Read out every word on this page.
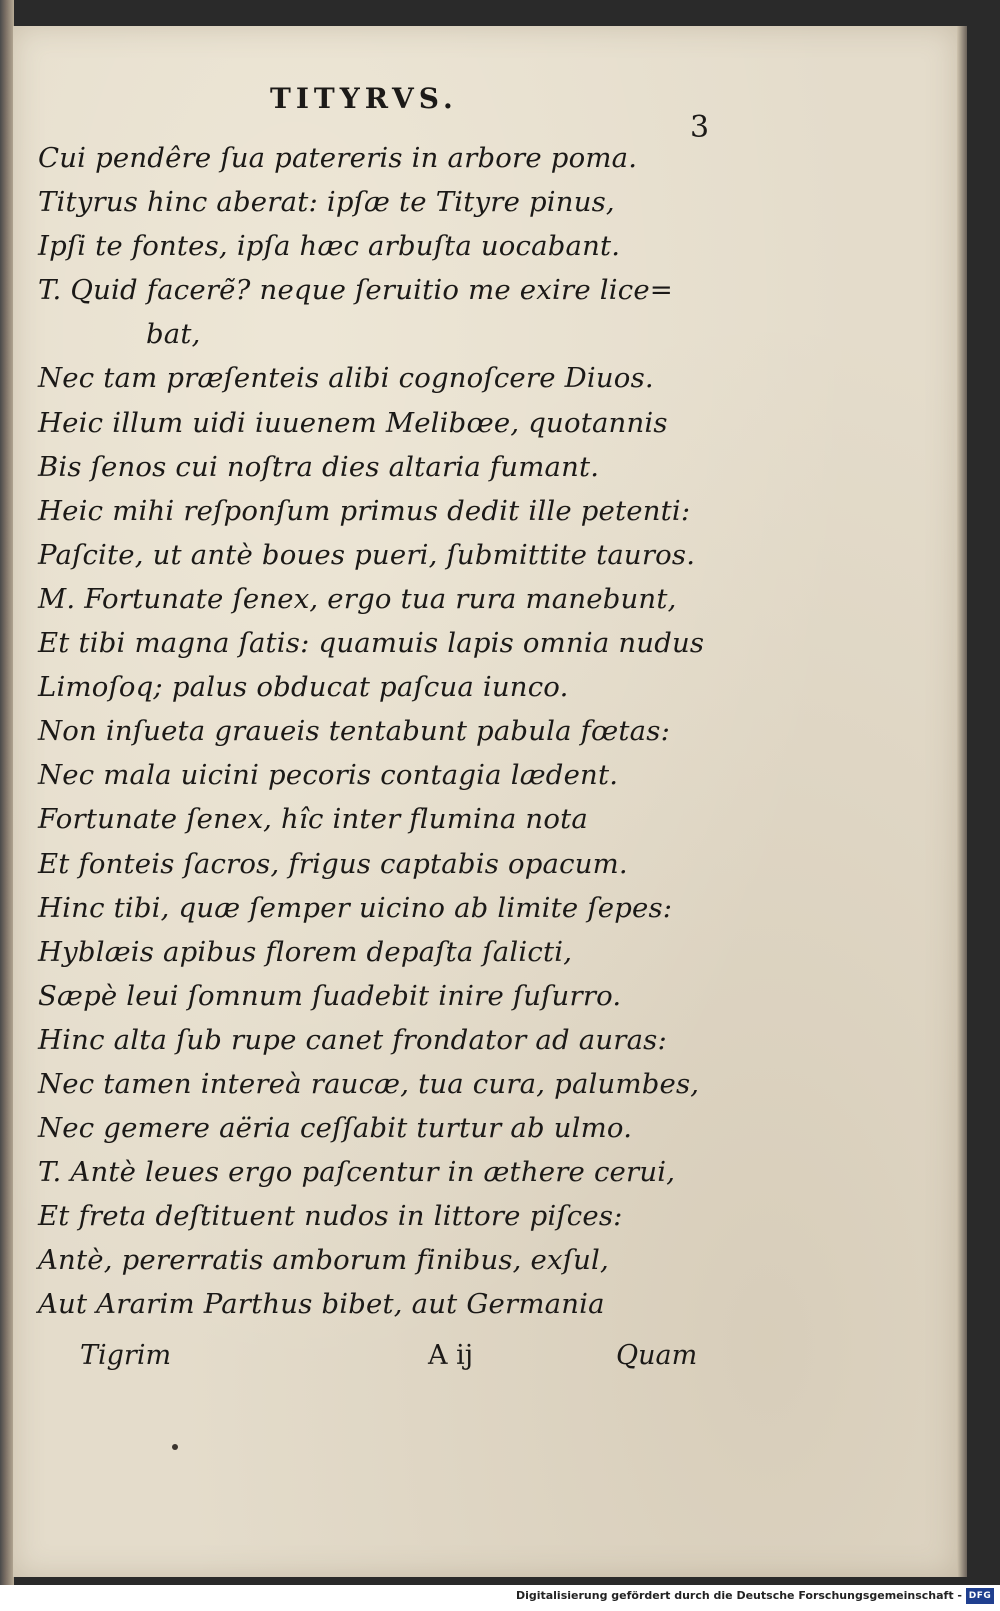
TITYRVS.
3
Cui pendêre ſua patereris in arbore poma.
Tityrus hinc aberat: ipſæ te Tityre pinus,
Ipſi te fontes, ipſa hæc arbuſta uocabant.
T. Quid facerẽ? neque ſeruitio me exire lice=
bat,
Nec tam præſenteis alibi cognoſcere Diuos.
Heic illum uidi iuuenem Melibœe, quotannis
Bis ſenos cui noſtra dies altaria fumant.
Heic mihi reſponſum primus dedit ille petenti:
Paſcite, ut antè boues pueri, ſubmittite tauros.
M. Fortunate ſenex, ergo tua rura manebunt,
Et tibi magna ſatis: quamuis lapis omnia nudus
Limoſoq; palus obducat paſcua iunco.
Non inſueta graueis tentabunt pabula fœtas:
Nec mala uicini pecoris contagia lædent.
Fortunate ſenex, hîc inter flumina nota
Et fonteis ſacros, frigus captabis opacum.
Hinc tibi, quæ ſemper uicino ab limite ſepes:
Hyblæis apibus florem depaſta ſalicti,
Sæpè leui ſomnum ſuadebit inire ſuſurro.
Hinc alta ſub rupe canet frondator ad auras:
Nec tamen intereà raucæ, tua cura, palumbes,
Nec gemere aëria ceſſabit turtur ab ulmo.
T. Antè leues ergo paſcentur in æthere cerui,
Et freta deſtituent nudos in littore piſces:
Antè, pererratis amborum finibus, exſul,
Aut Ararim Parthus bibet, aut Germania
Tigrim	A ij	Quam
Digitalisierung gefördert durch die Deutsche Forschungsgemeinschaft - DFG
